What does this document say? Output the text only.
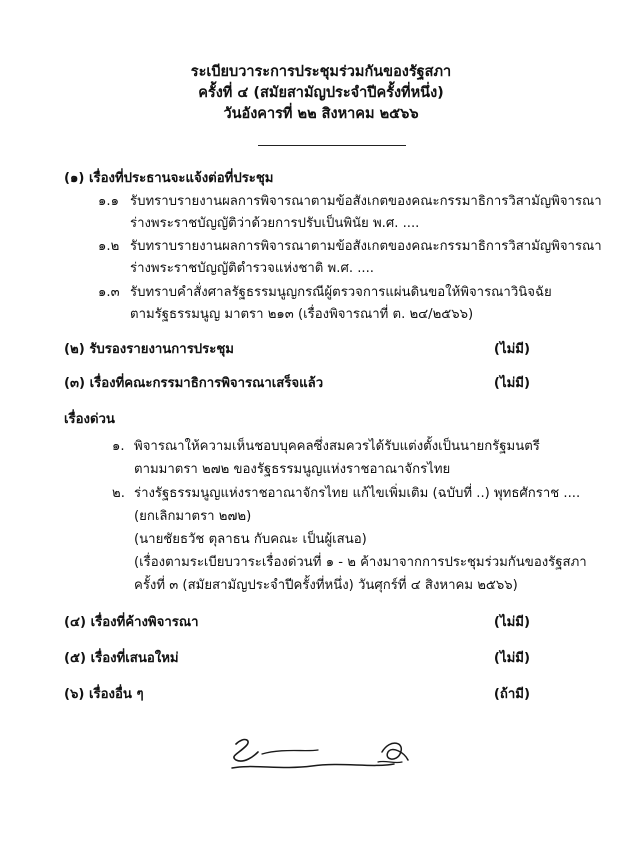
ระเบียบวาระการประชุมร่วมกันของรัฐสภา
ครั้งที่ ๔ (สมัยสามัญประจำปีครั้งที่หนึ่ง)
วันอังคารที่ ๒๒ สิงหาคม ๒๕๖๖
(๑) เรื่องที่ประธานจะแจ้งต่อที่ประชุม
๑.๑ รับทราบรายงานผลการพิจารณาตามข้อสังเกตของคณะกรรมาธิการวิสามัญพิจารณา
ร่างพระราชบัญญัติว่าด้วยการปรับเป็นพินัย พ.ศ. ....
๑.๒ รับทราบรายงานผลการพิจารณาตามข้อสังเกตของคณะกรรมาธิการวิสามัญพิจารณา
ร่างพระราชบัญญัติตำรวจแห่งชาติ พ.ศ. ....
๑.๓ รับทราบคำสั่งศาลรัฐธรรมนูญกรณีผู้ตรวจการแผ่นดินขอให้พิจารณาวินิจฉัย
ตามรัฐธรรมนูญ มาตรา ๒๑๓ (เรื่องพิจารณาที่ ต. ๒๔/๒๕๖๖)
(๒) รับรองรายงานการประชุม	(ไม่มี)
(๓) เรื่องที่คณะกรรมาธิการพิจารณาเสร็จแล้ว	(ไม่มี)
เรื่องด่วน
๑. พิจารณาให้ความเห็นชอบบุคคลซึ่งสมควรได้รับแต่งตั้งเป็นนายกรัฐมนตรี
ตามมาตรา ๒๗๒ ของรัฐธรรมนูญแห่งราชอาณาจักรไทย
๒. ร่างรัฐธรรมนูญแห่งราชอาณาจักรไทย แก้ไขเพิ่มเติม (ฉบับที่ ..) พุทธศักราช ....
(ยกเลิกมาตรา ๒๗๒)
(นายชัยธวัช ตุลาธน กับคณะ เป็นผู้เสนอ)
(เรื่องตามระเบียบวาระเรื่องด่วนที่ ๑ - ๒ ค้างมาจากการประชุมร่วมกันของรัฐสภา
ครั้งที่ ๓ (สมัยสามัญประจำปีครั้งที่หนึ่ง) วันศุกร์ที่ ๔ สิงหาคม ๒๕๖๖)
(๔) เรื่องที่ค้างพิจารณา	(ไม่มี)
(๕) เรื่องที่เสนอใหม่	(ไม่มี)
(๖) เรื่องอื่น ๆ	(ถ้ามี)
